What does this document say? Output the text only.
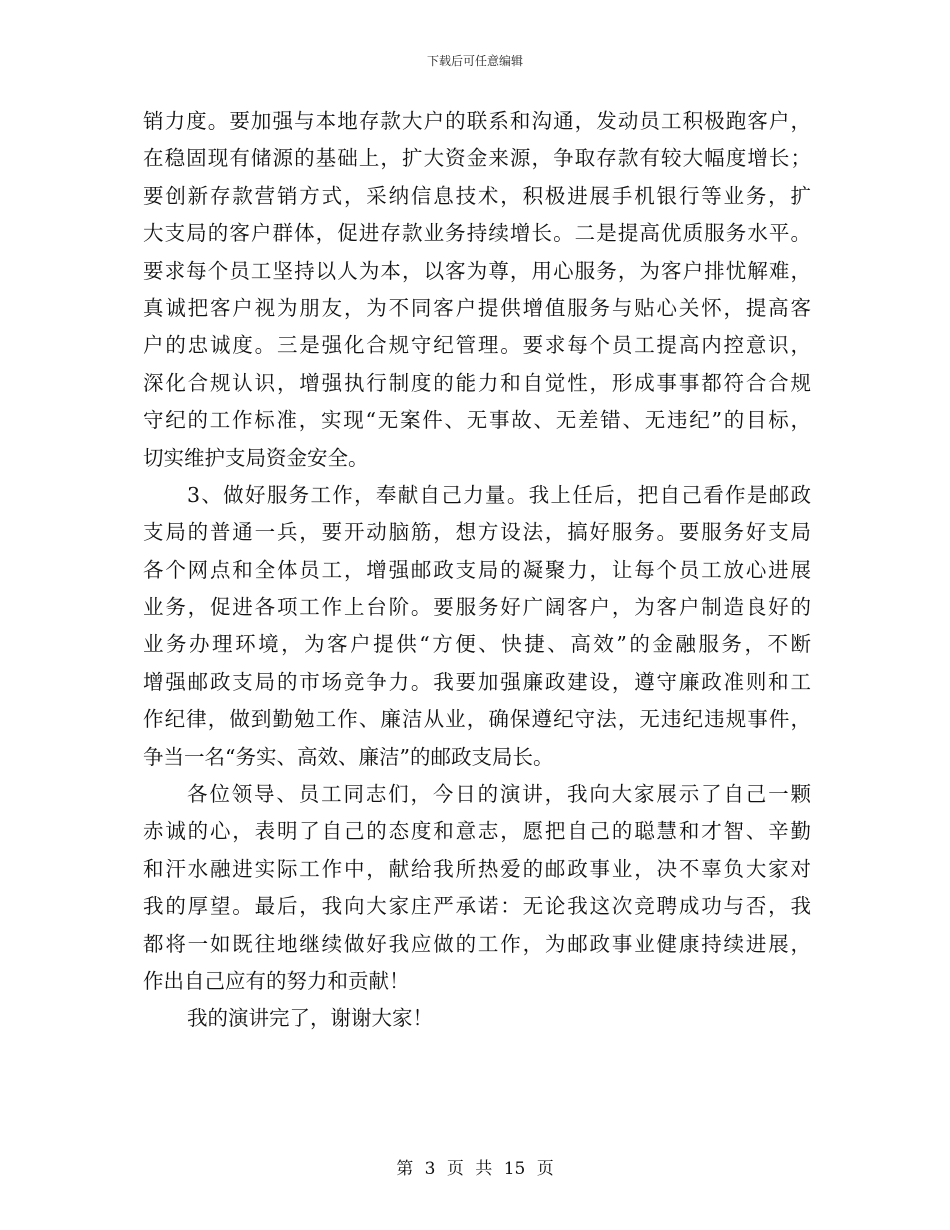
下载后可任意编辑
销力度。要加强与本地存款大户的联系和沟通，发动员工积极跑客户，
在稳固现有储源的基础上，扩大资金来源，争取存款有较大幅度增长；
要创新存款营销方式，采纳信息技术，积极进展手机银行等业务，扩
大支局的客户群体，促进存款业务持续增长。二是提高优质服务水平。
要求每个员工坚持以人为本，以客为尊，用心服务，为客户排忧解难，
真诚把客户视为朋友，为不同客户提供增值服务与贴心关怀，提高客
户的忠诚度。三是强化合规守纪管理。要求每个员工提高内控意识，
深化合规认识，增强执行制度的能力和自觉性，形成事事都符合合规
守纪的工作标准，实现“无案件、无事故、无差错、无违纪”的目标，
切实维护支局资金安全。
3、做好服务工作，奉献自己力量。我上任后，把自己看作是邮政
支局的普通一兵，要开动脑筋，想方设法，搞好服务。要服务好支局
各个网点和全体员工，增强邮政支局的凝聚力，让每个员工放心进展
业务，促进各项工作上台阶。要服务好广阔客户，为客户制造良好的
业务办理环境，为客户提供“方便、快捷、高效”的金融服务，不断
增强邮政支局的市场竞争力。我要加强廉政建设，遵守廉政准则和工
作纪律，做到勤勉工作、廉洁从业，确保遵纪守法，无违纪违规事件，
争当一名“务实、高效、廉洁”的邮政支局长。
各位领导、员工同志们，今日的演讲，我向大家展示了自己一颗
赤诚的心，表明了自己的态度和意志，愿把自己的聪慧和才智、辛勤
和汗水融进实际工作中，献给我所热爱的邮政事业，决不辜负大家对
我的厚望。最后，我向大家庄严承诺：无论我这次竞聘成功与否，我
都将一如既往地继续做好我应做的工作，为邮政事业健康持续进展，
作出自己应有的努力和贡献！
我的演讲完了，谢谢大家！
第 3 页 共 15 页
